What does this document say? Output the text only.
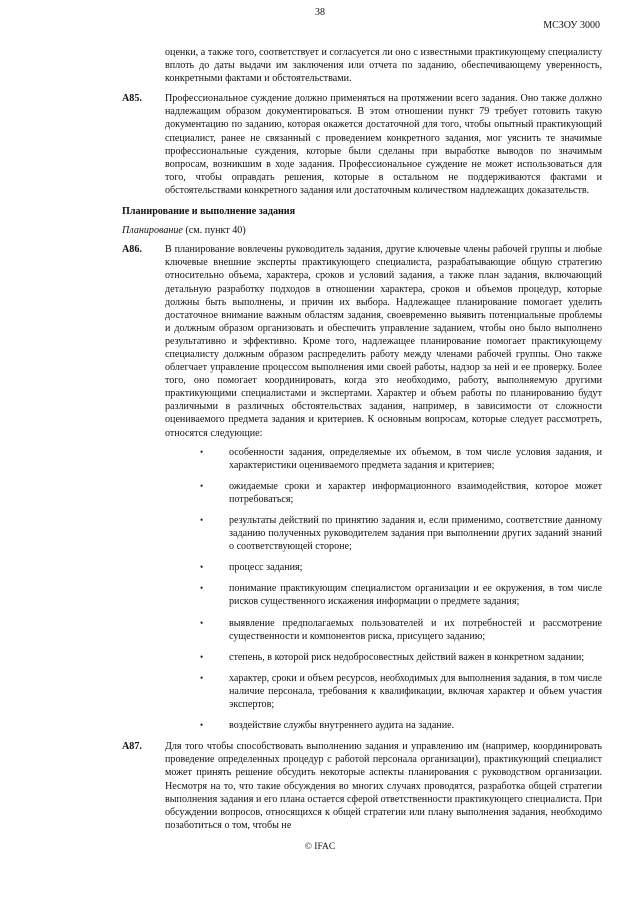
38
МСЗОУ 3000

оценки, а также того, соответствует и согласуется ли оно с известными практикующему специалисту вплоть до даты выдачи им заключения или отчета по заданию, обеспечивающему уверенность, конкретными фактами и обстоятельствами.

A85.	Профессиональное суждение должно применяться на протяжении всего задания. Оно также должно надлежащим образом документироваться. В этом отношении пункт 79 требует готовить такую документацию по заданию, которая окажется достаточной для того, чтобы опытный практикующий специалист, ранее не связанный с проведением конкретного задания, мог уяснить те значимые профессиональные суждения, которые были сделаны при выработке выводов по значимым вопросам, возникшим в ходе задания. Профессиональное суждение не может использоваться для того, чтобы оправдать решения, которые в остальном не поддерживаются фактами и обстоятельствами конкретного задания или достаточным количеством надлежащих доказательств.
Планирование и выполнение задания
Планирование (см. пункт 40)
A86.	В планирование вовлечены руководитель задания, другие ключевые члены рабочей группы и любые ключевые внешние эксперты практикующего специалиста, разрабатывающие общую стратегию относительно объема, характера, сроков и условий задания, а также план задания, включающий детальную разработку подходов в отношении характера, сроков и объемов процедур, которые должны быть выполнены, и причин их выбора. Надлежащее планирование помогает уделить достаточное внимание важным областям задания, своевременно выявить потенциальные проблемы и должным образом организовать и обеспечить управление заданием, чтобы оно было выполнено результативно и эффективно. Кроме того, надлежащее планирование помогает практикующему специалисту должным образом распределить работу между членами рабочей группы. Оно также облегчает управление процессом выполнения ими своей работы, надзор за ней и ее проверку. Более того, оно помогает координировать, когда это необходимо, работу, выполняемую другими практикующими специалистами и экспертами. Характер и объем работы по планированию будут различными в различных обстоятельствах задания, например, в зависимости от сложности оцениваемого предмета задания и критериев. К основным вопросам, которые следует рассмотреть, относятся следующие:
•	особенности задания, определяемые их объемом, в том числе условия задания, и характеристики оцениваемого предмета задания и критериев;
•	ожидаемые сроки и характер информационного взаимодействия, которое может потребоваться;
•	результаты действий по принятию задания и, если применимо, соответствие данному заданию полученных руководителем задания при выполнении других заданий знаний о соответствующей стороне;
•	процесс задания;
•	понимание практикующим специалистом организации и ее окружения, в том числе рисков существенного искажения информации о предмете задания;
•	выявление предполагаемых пользователей и их потребностей и рассмотрение существенности и компонентов риска, присущего заданию;
•	степень, в которой риск недобросовестных действий важен в конкретном задании;
•	характер, сроки и объем ресурсов, необходимых для выполнения задания, в том числе наличие персонала, требования к квалификации, включая характер и объем участия экспертов;
•	воздействие службы внутреннего аудита на задание.
A87.	Для того чтобы способствовать выполнению задания и управлению им (например, координировать проведение определенных процедур с работой персонала организации), практикующий специалист может принять решение обсудить некоторые аспекты планирования с руководством организации. Несмотря на то, что такие обсуждения во многих случаях проводятся, разработка общей стратегии выполнения задания и его плана остается сферой ответственности практикующего специалиста. При обсуждении вопросов, относящихся к общей стратегии или плану выполнения задания, необходимо позаботиться о том, чтобы не
© IFAC
